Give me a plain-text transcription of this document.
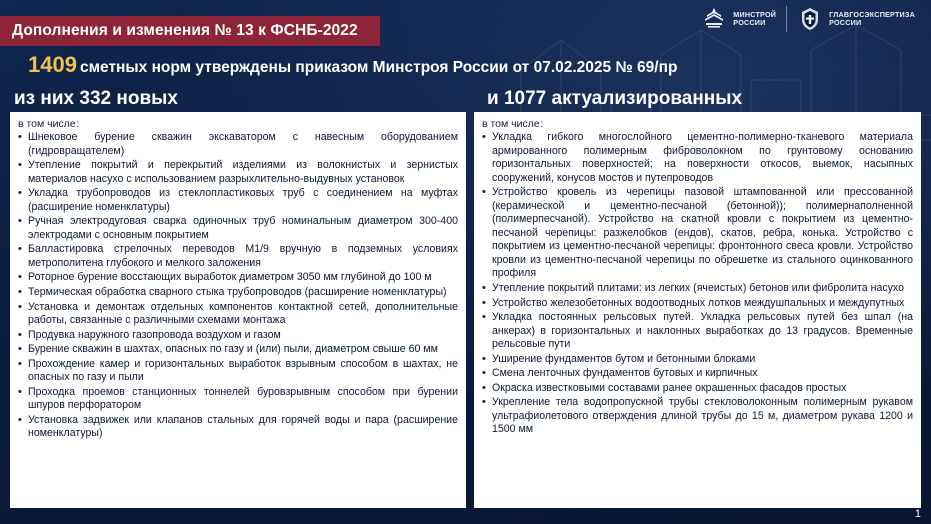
Дополнения и изменения № 13 к ФСНБ-2022
МИНСТРОЙ
РОССИИ
ГЛАВГОСЭКСПЕРТИЗА
РОССИИ
1409 сметных норм утверждены приказом Минстроя России от 07.02.2025 № 69/пр
из них 332 новых	и 1077 актуализированных
в том числе:
• Шнековое бурение скважин экскаватором с навесным оборудованием (гидровращателем)
• Утепление покрытий и перекрытий изделиями из волокнистых и зернистых материалов насухо с использованием разрыхлительно-выдувных установок
• Укладка трубопроводов из стеклопластиковых труб с соединением на муфтах (расширение номенклатуры)
• Ручная электродуговая сварка одиночных труб номинальным диаметром 300-400 электродами с основным покрытием
• Балластировка стрелочных переводов М1/9 вручную в подземных условиях метрополитена глубокого и мелкого заложения
• Роторное бурение восстающих выработок диаметром 3050 мм глубиной до 100 м
• Термическая обработка сварного стыка трубопроводов (расширение номенклатуры)
• Установка и демонтаж отдельных компонентов контактной сетей, дополнительные работы, связанные с различными схемами монтажа
• Продувка наружного газопровода воздухом и газом
• Бурение скважин в шахтах, опасных по газу и (или) пыли, диаметром свыше 60 мм
• Прохождение камер и горизонтальных выработок взрывным способом в шахтах, не опасных по газу и пыли
• Проходка проемов станционных тоннелей буровзрывным способом при бурении шпуров перфоратором
• Установка задвижек или клапанов стальных для горячей воды и пара (расширение номенклатуры)
в том числе:
• Укладка гибкого многослойного цементно-полимерно-тканевого материала армированного полимерным фиброволокном по грунтовому основанию горизонтальных поверхностей; на поверхности откосов, выемок, насыпных сооружений, конусов мостов и путепроводов
• Устройство кровель из черепицы пазовой штампованной или прессованной (керамической и цементно-песчаной (бетонной)); полимернаполненной (полимерпесчаной). Устройство на скатной кровли с покрытием из цементно-песчаной черепицы: разжелобков (ендов), скатов, ребра, конька. Устройство с покрытием из цементно-песчаной черепицы: фронтонного свеса кровли. Устройство кровли из цементно-песчаной черепицы по обрешетке из стального оцинкованного профиля
• Утепление покрытий плитами: из легких (ячеистых) бетонов или фибролита насухо
• Устройство железобетонных водоотводных лотков междушпальных и междупутных
• Укладка постоянных рельсовых путей. Укладка рельсовых путей без шпал (на анкерах) в горизонтальных и наклонных выработках до 13 градусов. Временные рельсовые пути
• Уширение фундаментов бутом и бетонными блоками
• Смена ленточных фундаментов бутовых и кирпичных
• Окраска известковыми составами ранее окрашенных фасадов простых
• Укрепление тела водопропускной трубы стекловолоконным полимерным рукавом ультрафиолетового отверждения длиной трубы до 15 м, диаметром рукава 1200 и 1500 мм
1
